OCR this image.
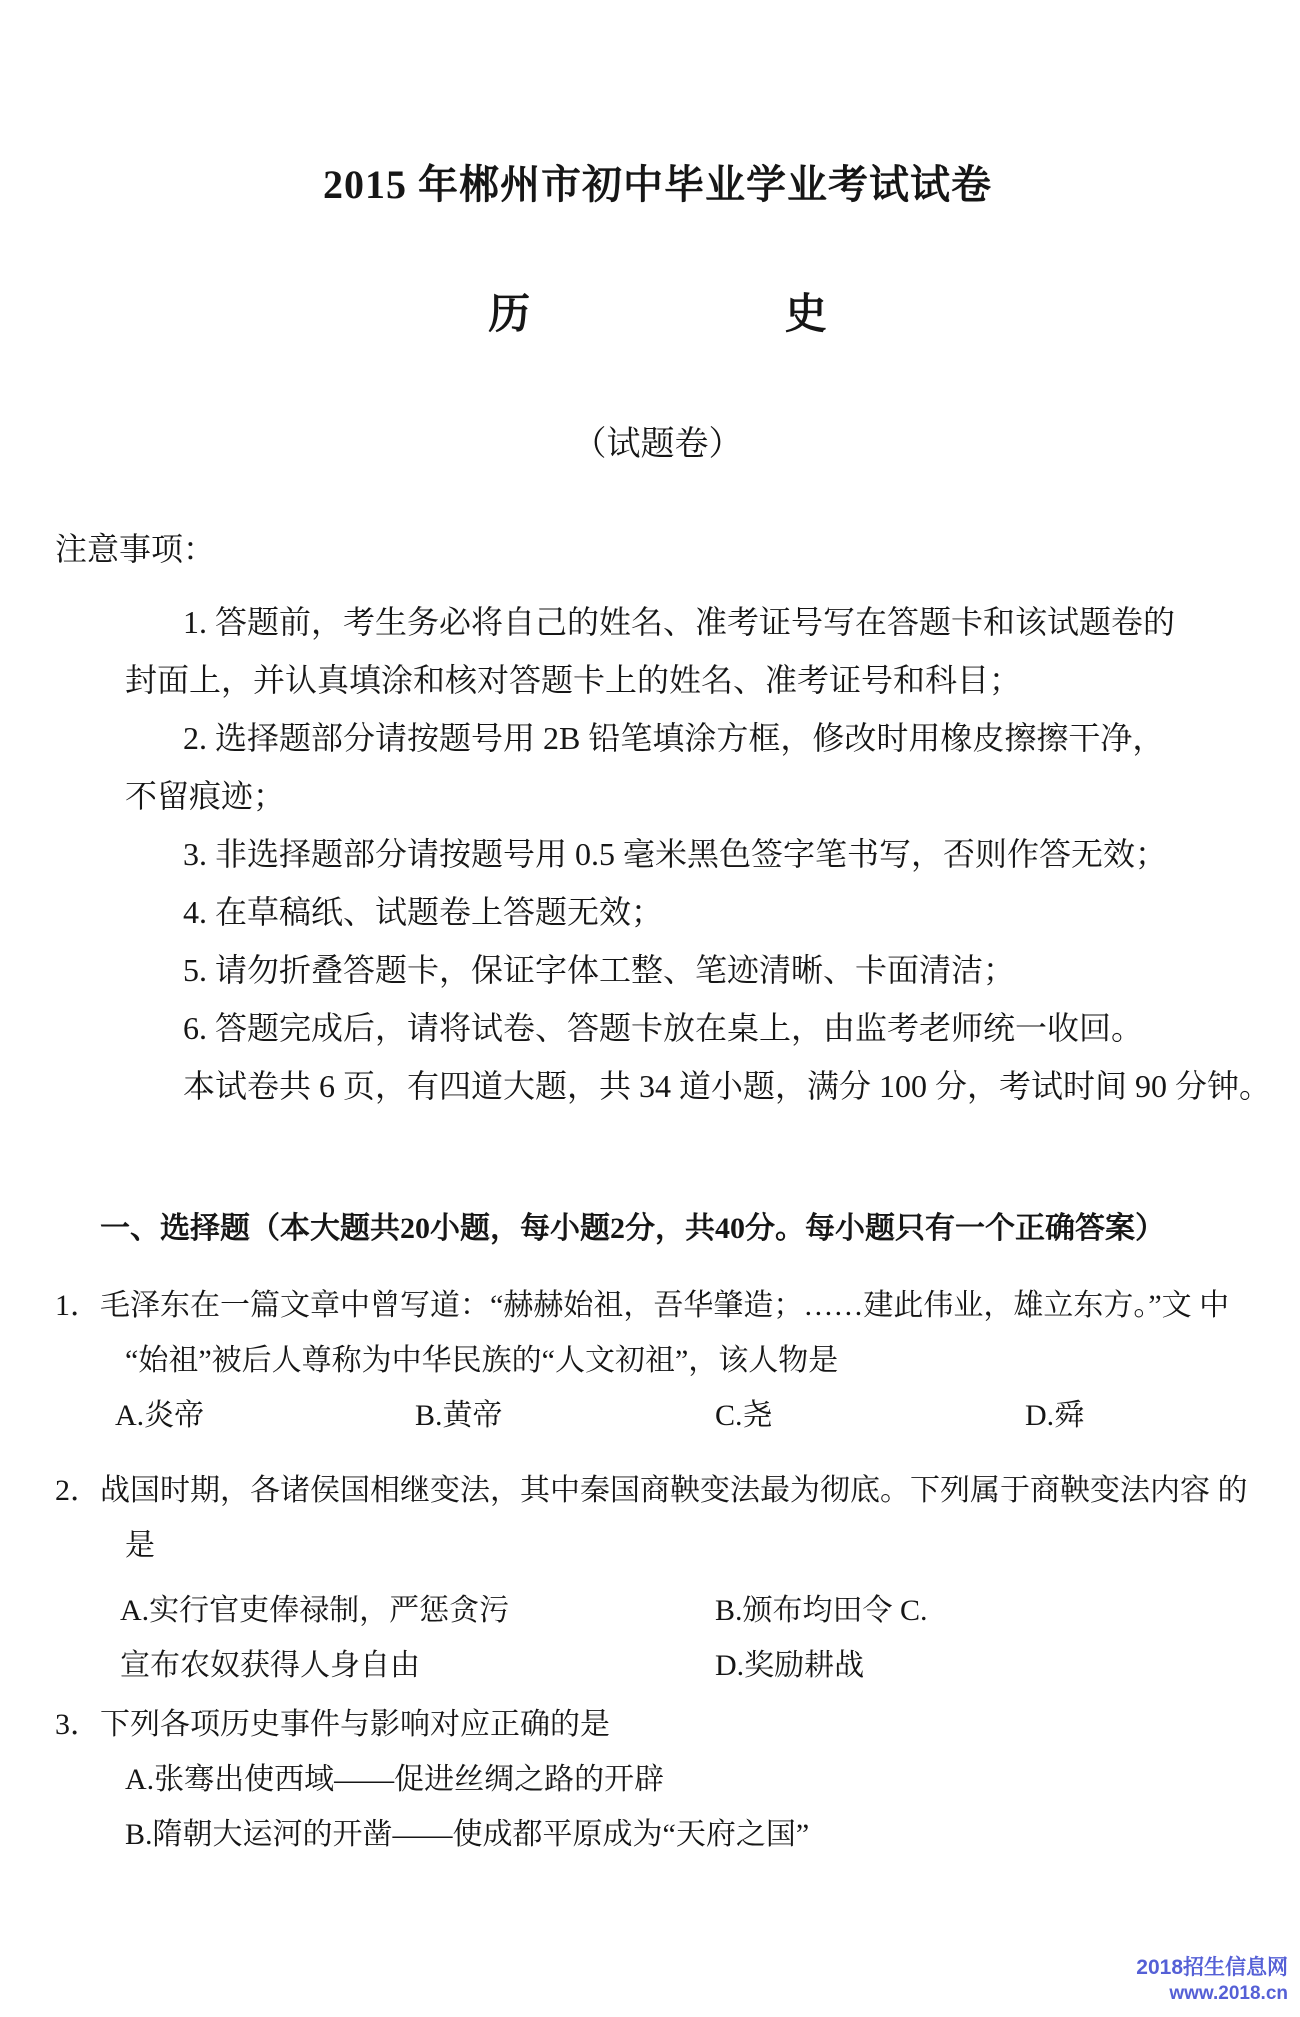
2015 年郴州市初中毕业学业考试试卷
历	史
（试题卷）
注意事项：
1. 答题前，考生务必将自己的姓名、准考证号写在答题卡和该试题卷的
封面上，并认真填涂和核对答题卡上的姓名、准考证号和科目；
2. 选择题部分请按题号用 2B 铅笔填涂方框，修改时用橡皮擦擦干净，
不留痕迹；
3. 非选择题部分请按题号用 0.5 毫米黑色签字笔书写，否则作答无效；
4. 在草稿纸、试题卷上答题无效；
5. 请勿折叠答题卡，保证字体工整、笔迹清晰、卡面清洁；
6. 答题完成后，请将试卷、答题卡放在桌上，由监考老师统一收回。
本试卷共 6 页，有四道大题，共 34 道小题，满分 100 分，考试时间 90 分钟。
一、选择题（本大题共20小题，每小题2分，共40分。每小题只有一个正确答案）
1．毛泽东在一篇文章中曾写道：“赫赫始祖，吾华肇造；……建此伟业，雄立东方。”文 中
“始祖”被后人尊称为中华民族的“人文初祖”，该人物是
A.炎帝	B.黄帝	C.尧	D.舜
2．战国时期，各诸侯国相继变法，其中秦国商鞅变法最为彻底。下列属于商鞅变法内容 的
是
A.实行官吏俸禄制，严惩贪污	B.颁布均田令 C.
宣布农奴获得人身自由	D.奖励耕战
3．下列各项历史事件与影响对应正确的是
A.张骞出使西域——促进丝绸之路的开辟
B.隋朝大运河的开凿——使成都平原成为“天府之国”
2018招生信息网
www.2018.cn
